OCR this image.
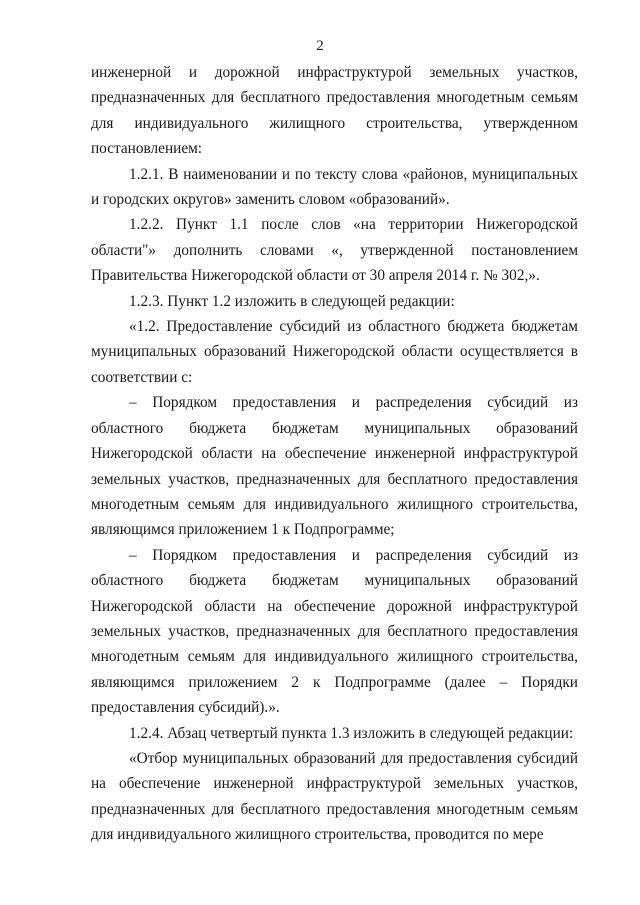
2

инженерной и дорожной инфраструктурой земельных участков, предназначенных для бесплатного предоставления многодетным семьям для индивидуального жилищного строительства, утвержденном постановлением:

1.2.1. В наименовании и по тексту слова «районов, муниципальных и городских округов» заменить словом «образований».

1.2.2. Пункт 1.1 после слов «на территории Нижегородской области"» дополнить словами «, утвержденной постановлением Правительства Нижегородской области от 30 апреля 2014 г. № 302,».

1.2.3. Пункт 1.2 изложить в следующей редакции:

«1.2. Предоставление субсидий из областного бюджета бюджетам муниципальных образований Нижегородской области осуществляется в соответствии с:

– Порядком предоставления и распределения субсидий из областного бюджета бюджетам муниципальных образований Нижегородской области на обеспечение инженерной инфраструктурой земельных участков, предназначенных для бесплатного предоставления многодетным семьям для индивидуального жилищного строительства, являющимся приложением 1 к Подпрограмме;

– Порядком предоставления и распределения субсидий из областного бюджета бюджетам муниципальных образований Нижегородской области на обеспечение дорожной инфраструктурой земельных участков, предназначенных для бесплатного предоставления многодетным семьям для индивидуального жилищного строительства, являющимся приложением 2 к Подпрограмме (далее – Порядки предоставления субсидий).».

1.2.4. Абзац четвертый пункта 1.3 изложить в следующей редакции:

«Отбор муниципальных образований для предоставления субсидий на обеспечение инженерной инфраструктурой земельных участков, предназначенных для бесплатного предоставления многодетным семьям для индивидуального жилищного строительства, проводится по мере
